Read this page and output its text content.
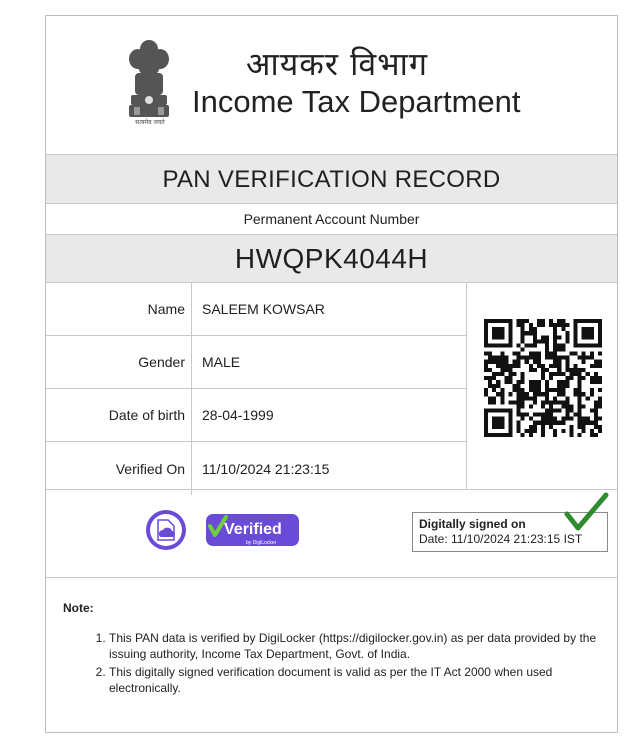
सत्यमेव जयते
आयकर विभाग
Income Tax Department
PAN VERIFICATION RECORD
Permanent Account Number
HWQPK4044H
Name	SALEEM KOWSAR
Gender	MALE
Date of birth	28-04-1999
Verified On	11/10/2024 21:23:15
Verified
by DigiLocker
Digitally signed on
Date: 11/10/2024 21:23:15 IST
Note:
1. This PAN data is verified by DigiLocker (https://digilocker.gov.in) as per data provided by the issuing authority, Income Tax Department, Govt. of India.
2. This digitally signed verification document is valid as per the IT Act 2000 when used electronically.
